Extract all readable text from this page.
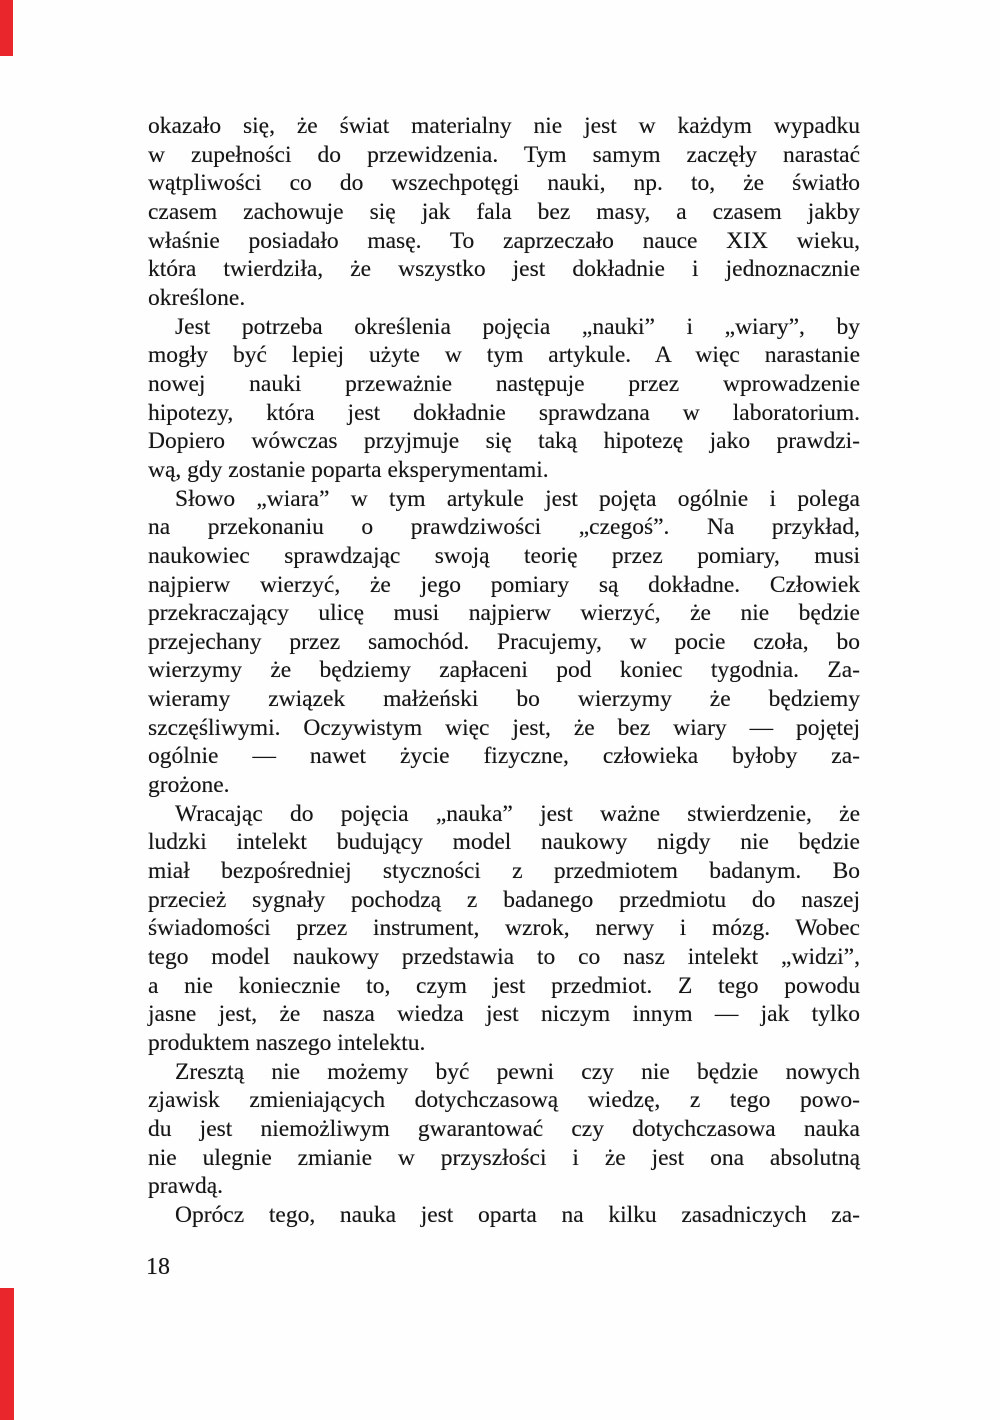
okazało się, że świat materialny nie jest w każdym wypadku
w zupełności do przewidzenia. Tym samym zaczęły narastać
wątpliwości co do wszechpotęgi nauki, np. to, że światło
czasem zachowuje się jak fala bez masy, a czasem jakby
właśnie posiadało masę. To zaprzeczało nauce XIX wieku,
która twierdziła, że wszystko jest dokładnie i jednoznacznie
określone.
Jest potrzeba określenia pojęcia „nauki” i „wiary”, by
mogły być lepiej użyte w tym artykule. A więc narastanie
nowej nauki przeważnie następuje przez wprowadzenie
hipotezy, która jest dokładnie sprawdzana w laboratorium.
Dopiero wówczas przyjmuje się taką hipotezę jako prawdzi-
wą, gdy zostanie poparta eksperymentami.
Słowo „wiara” w tym artykule jest pojęta ogólnie i polega
na przekonaniu o prawdziwości „czegoś”. Na przykład,
naukowiec sprawdzając swoją teorię przez pomiary, musi
najpierw wierzyć, że jego pomiary są dokładne. Człowiek
przekraczający ulicę musi najpierw wierzyć, że nie będzie
przejechany przez samochód. Pracujemy, w pocie czoła, bo
wierzymy że będziemy zapłaceni pod koniec tygodnia. Za-
wieramy związek małżeński bo wierzymy że będziemy
szczęśliwymi. Oczywistym więc jest, że bez wiary — pojętej
ogólnie — nawet życie fizyczne, człowieka byłoby za-
grożone.
Wracając do pojęcia „nauka” jest ważne stwierdzenie, że
ludzki intelekt budujący model naukowy nigdy nie będzie
miał bezpośredniej styczności z przedmiotem badanym. Bo
przecież sygnały pochodzą z badanego przedmiotu do naszej
świadomości przez instrument, wzrok, nerwy i mózg. Wobec
tego model naukowy przedstawia to co nasz intelekt „widzi”,
a nie koniecznie to, czym jest przedmiot. Z tego powodu
jasne jest, że nasza wiedza jest niczym innym — jak tylko
produktem naszego intelektu.
Zresztą nie możemy być pewni czy nie będzie nowych
zjawisk zmieniających dotychczasową wiedzę, z tego powo-
du jest niemożliwym gwarantować czy dotychczasowa nauka
nie ulegnie zmianie w przyszłości i że jest ona absolutną
prawdą.
Oprócz tego, nauka jest oparta na kilku zasadniczych za-
18
